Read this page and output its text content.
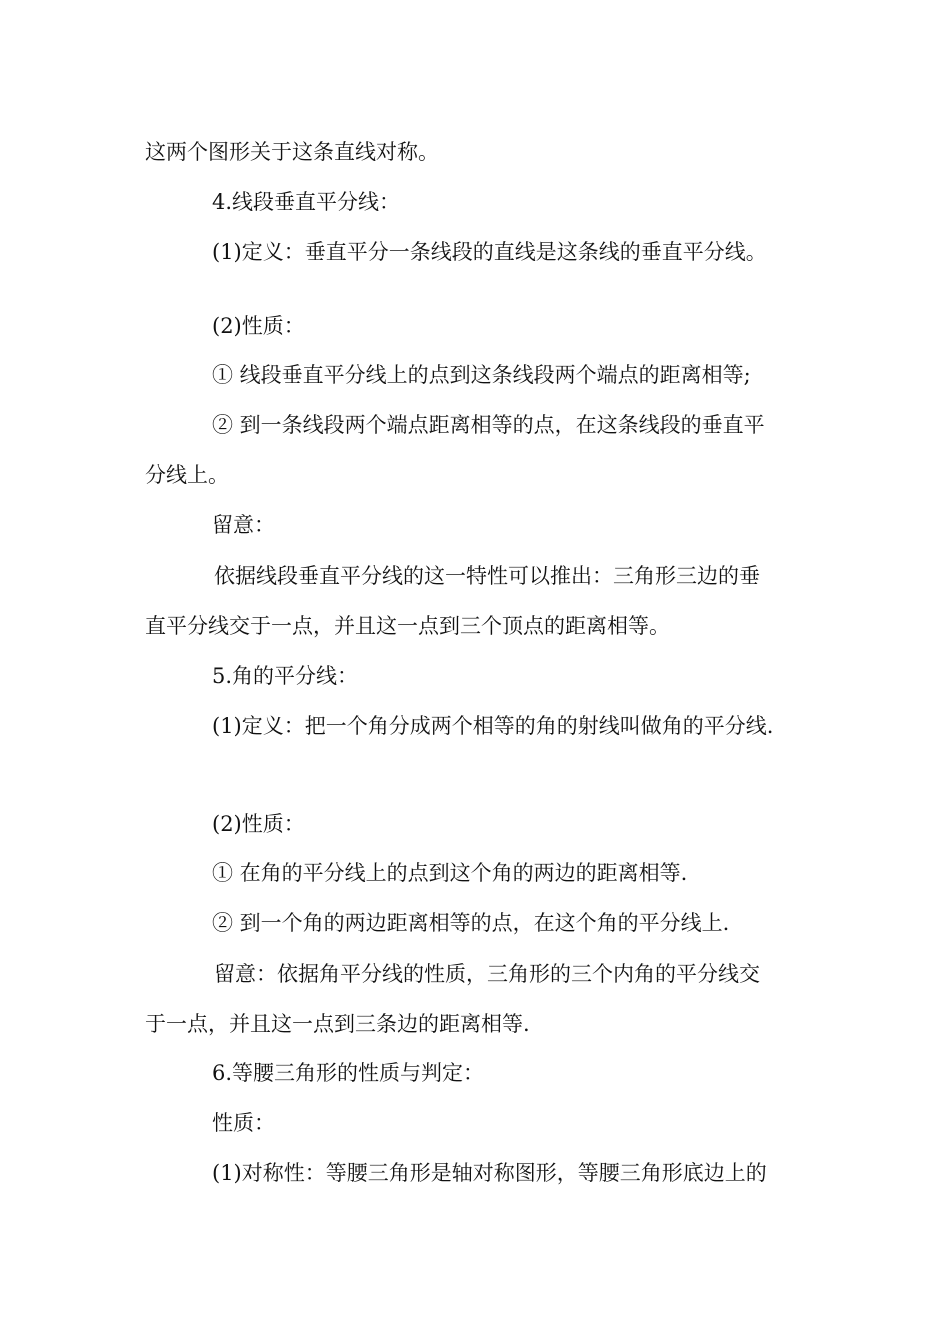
这两个图形关于这条直线对称。
4.线段垂直平分线：
(1)定义：垂直平分一条线段的直线是这条线的垂直平分线。
(2)性质：
① 线段垂直平分线上的点到这条线段两个端点的距离相等;
② 到一条线段两个端点距离相等的点，在这条线段的垂直平
分线上。
留意：
依据线段垂直平分线的这一特性可以推出：三角形三边的垂
直平分线交于一点，并且这一点到三个顶点的距离相等。
5.角的平分线：
(1)定义：把一个角分成两个相等的角的射线叫做角的平分线.
(2)性质：
① 在角的平分线上的点到这个角的两边的距离相等.
② 到一个角的两边距离相等的点，在这个角的平分线上.
留意：依据角平分线的性质，三角形的三个内角的平分线交
于一点，并且这一点到三条边的距离相等.
6.等腰三角形的性质与判定：
性质：
(1)对称性：等腰三角形是轴对称图形，等腰三角形底边上的
